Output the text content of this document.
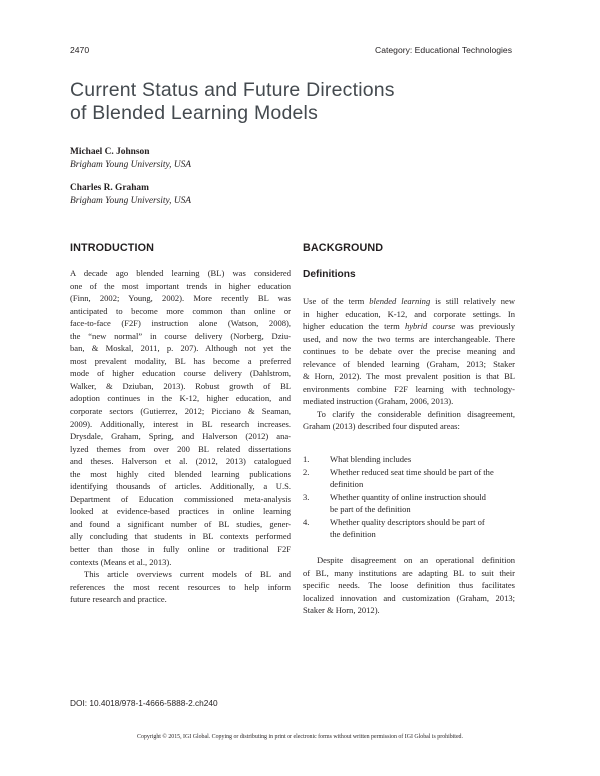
2470	Category: Educational Technologies
Current Status and Future Directions
of Blended Learning Models
Michael C. Johnson
Brigham Young University, USA
Charles R. Graham
Brigham Young University, USA
INTRODUCTION

A decade ago blended learning (BL) was considered
one of the most important trends in higher education
(Finn, 2002; Young, 2002). More recently BL was
anticipated to become more common than online or
face-to-face (F2F) instruction alone (Watson, 2008),
the “new normal” in course delivery (Norberg, Dziu-
ban, & Moskal, 2011, p. 207). Although not yet the
most prevalent modality, BL has become a preferred
mode of higher education course delivery (Dahlstrom,
Walker, & Dziuban, 2013). Robust growth of BL
adoption continues in the K-12, higher education, and
corporate sectors (Gutierrez, 2012; Picciano & Seaman,
2009). Additionally, interest in BL research increases.
Drysdale, Graham, Spring, and Halverson (2012) ana-
lyzed themes from over 200 BL related dissertations
and theses. Halverson et al. (2012, 2013) catalogued
the most highly cited blended learning publications
identifying thousands of articles. Additionally, a U.S.
Department of Education commissioned meta-analysis
looked at evidence-based practices in online learning
and found a significant number of BL studies, gener-
ally concluding that students in BL contexts performed
better than those in fully online or traditional F2F
contexts (Means et al., 2013).

This article overviews current models of BL and
references the most recent resources to help inform
future research and practice.

BACKGROUND
Definitions

Use of the term blended learning is still relatively new
in higher education, K-12, and corporate settings. In
higher education the term hybrid course was previously
used, and now the two terms are interchangeable. There
continues to be debate over the precise meaning and
relevance of blended learning (Graham, 2013; Staker
& Horn, 2012). The most prevalent position is that BL
environments combine F2F learning with technology-
mediated instruction (Graham, 2006, 2013).

To clarify the considerable definition disagreement,
Graham (2013) described four disputed areas:

1.	What blending includes
2.	Whether reduced seat time should be part of the
definition
3.	Whether quantity of online instruction should
be part of the definition
4.	Whether quality descriptors should be part of
the definition

Despite disagreement on an operational definition
of BL, many institutions are adapting BL to suit their
specific needs. The loose definition thus facilitates
localized innovation and customization (Graham, 2013;
Staker & Horn, 2012).

DOI: 10.4018/978-1-4666-5888-2.ch240
Copyright © 2015, IGI Global. Copying or distributing in print or electronic forms without written permission of IGI Global is prohibited.
